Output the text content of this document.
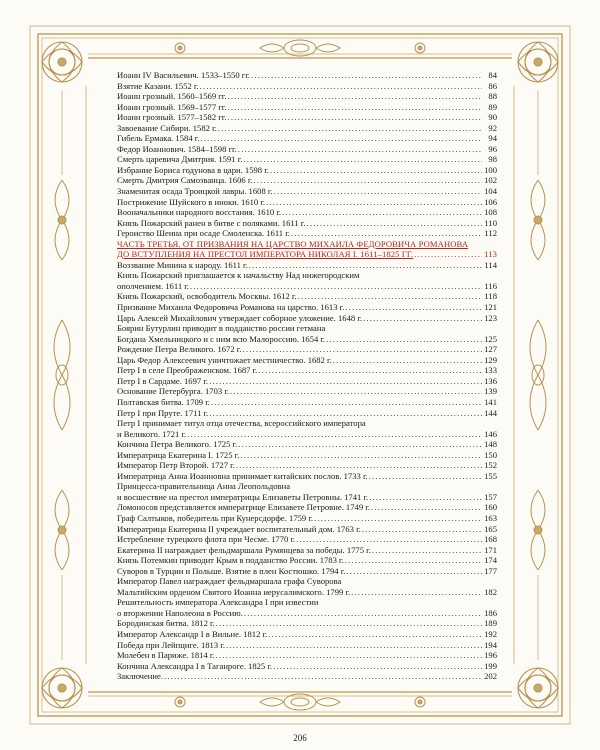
Иоанн IV Васильевич. 1533–1550 гг. .....	84
Взятие Казани. 1552 г. .....	86
Иоанн грозный. 1560–1569 гг. .....	88
Иоанн грозный. 1569–1577 гг. .....	89
Иоанн грозный. 1577–1582 гг. .....	90
Завоевание Сибири. 1582 г. .....	92
Гибель Ермака. 1584 г. .....	94
Федор Иоаннович. 1584–1598 гг. .....	96
Смерть царевича Дмитрия. 1591 г. .....	98
Избрание Бориса годунова в цари. 1598 г. .....	100
Смерть Дмитрия Самозванца. 1606 г. .....	102
Знаменитая осада Троицкой лавры. 1608 г. .....	104
Пострижение Шуйского в иноки. 1610 г. .....	106
Вооначальники народного восстания. 1610 г. .....	108
Князь Пожарский ранен в битве с поляками. 1611 г. .....	110
Героиство Шеина при осаде Смоленска. 1611 г. .....	112
ЧАСТЬ ТРЕТЬЯ. ОТ ПРИЗВАНИЯ НА ЦАРСТВО МИХАИЛА ФЕДОРОВИЧА РОМАНОВА
ДО ВСТУПЛЕНИЯ НА ПРЕСТОЛ ИМПЕРАТОРА НИКОЛАЯ I. 1611–1825 ГГ. .....	113
Воззвание Минина к народу. 1611 г. .....	114
Князь Пожарский приглашается к начальству Над нижегородским
ополчением. 1611 г. .....	116
Князь Пожарский, освободитель Москвы. 1612 г. .....	118
Призвание Михаила Федоровича Романова на царство. 1613 г. .....	121
Царь Алексей Михайлович утверждает соборное уложение. 1648 г. .....	123
Боярин Бутурлин приводит в подданство россии гетмана
Богдана Хмельницкого и с ним всю Малороссию. 1654 г. .....	125
Рождение Петра Великого. 1672 г. .....	127
Царь Федор Алексеевич уничтожает местничество. 1682 г. .....	129
Петр I в селе Преображенском. 1687 г. .....	133
Петр I в Сардаме. 1697 г. .....	136
Основание Петербурга. 1703 г. .....	139
Полтавская битва. 1709 г. .....	141
Петр I при Пруте. 1711 г. .....	144
Петр I принимает титул отца отечества, всероссийского императора
и Великого. 1721 г. .....	146
Кончина Петра Великого. 1725 г. .....	148
Императрица Екатерина I. 1725 г. .....	150
Император Петр Второй. 1727 г. .....	152
Императрица Анна Иоанновна принимает китайских послов. 1733 г. .....	155
Принцесса-правительница Анна Леопольдовна
и восшествие на престол императрицы Елизаветы Петровны. 1741 г. .....	157
Ломоносов представляется императрице Елизавете Петровне. 1749 г. .....	160
Граф Салтыков, победитель при Кунерсдорфе. 1759 г. .....	163
Императрица Екатерина II учреждает воспитательный дом. 1763 г. .....	165
Истребление турецкого флота при Чесме. 1770 г. .....	168
Екатерина II награждает фельдмаршала Румянцева за победы. 1775 г. .....	171
Князь Потемкин приводит Крым в подданство России. 1783 г. .....	174
Суворов в Турции и Польше. Взятие в плен Костюшко. 1794 г. .....	177
Император Павел награждает фельдмаршала графа Суворова
Мальтийским орденом Святого Иоанна иерусалимского. 1799 г. .....	182
Решительность императора Александра I при известии
о вторжении Наполеона в Россию. .....	186
Бородинская битва. 1812 г. .....	189
Император Александр I в Вильне. 1812 г. .....	192
Победа при Лейпциге. 1813 г. .....	194
Молебен в Париже. 1814 г. .....	196
Кончина Александра I в Таганроге. 1825 г. .....	199
Заключение. .....	202
206
